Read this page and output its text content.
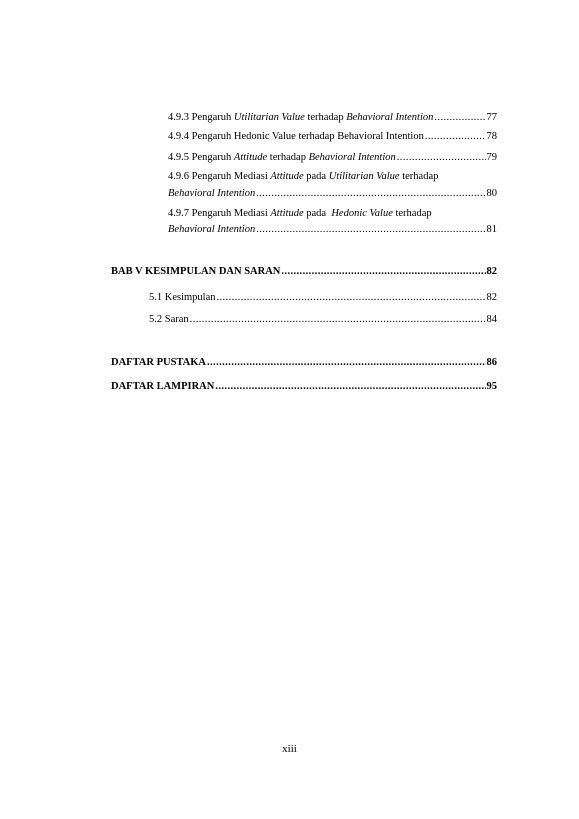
4.9.3 Pengaruh Utilitarian Value terhadap Behavioral Intention .....	77
4.9.4 Pengaruh Hedonic Value terhadap Behavioral Intention .....	78
4.9.5 Pengaruh Attitude terhadap Behavioral Intention .....	79
4.9.6 Pengaruh Mediasi Attitude pada Utilitarian Value terhadap
Behavioral Intention .....	80
4.9.7 Pengaruh Mediasi Attitude pada  Hedonic Value terhadap
Behavioral Intention .....	81
BAB V KESIMPULAN DAN SARAN .....	82
5.1 Kesimpulan .....	82
5.2 Saran .....	84
DAFTAR PUSTAKA .....	86
DAFTAR LAMPIRAN .....	95
xiii
